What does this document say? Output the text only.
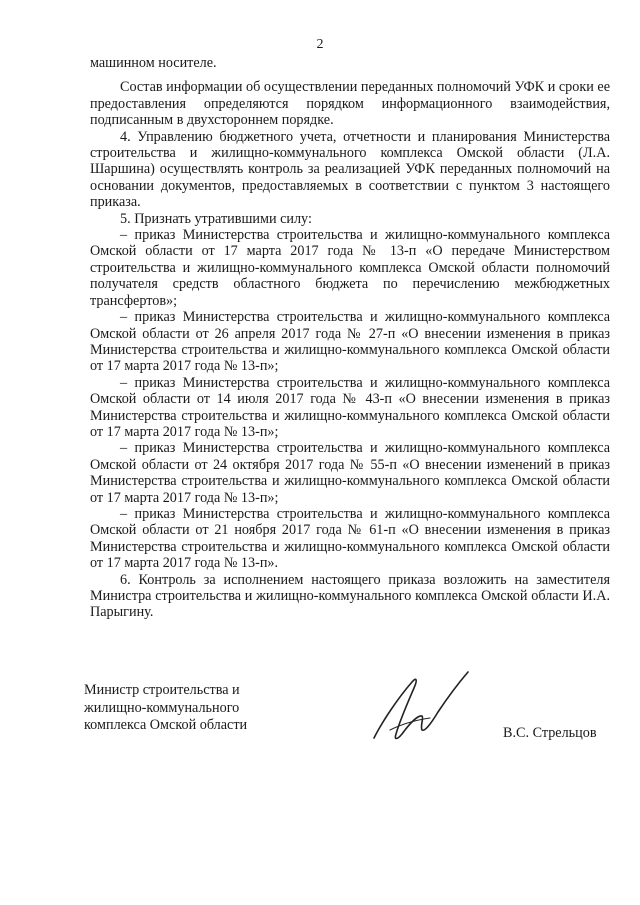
2

машинном носителе.

Состав информации об осуществлении переданных полномочий УФК и сроки ее предоставления определяются порядком информационного взаимодействия, подписанным в двухстороннем порядке.

4. Управлению бюджетного учета, отчетности и планирования Министерства строительства и жилищно-коммунального комплекса Омской области (Л.А. Шаршина) осуществлять контроль за реализацией УФК переданных полномочий на основании документов, предоставляемых в соответствии с пунктом 3 настоящего приказа.

5. Признать утратившими силу:

– приказ Министерства строительства и жилищно-коммунального комплекса Омской области от 17 марта 2017 года № 13-п «О передаче Министерством строительства и жилищно-коммунального комплекса Омской области полномочий получателя средств областного бюджета по перечислению межбюджетных трансфертов»;

– приказ Министерства строительства и жилищно-коммунального комплекса Омской области от 26 апреля 2017 года № 27-п «О внесении изменения в приказ Министерства строительства и жилищно-коммунального комплекса Омской области от 17 марта 2017 года № 13-п»;

– приказ Министерства строительства и жилищно-коммунального комплекса Омской области от 14 июля 2017 года № 43-п «О внесении изменения в приказ Министерства строительства и жилищно-коммунального комплекса Омской области от 17 марта 2017 года № 13-п»;

– приказ Министерства строительства и жилищно-коммунального комплекса Омской области от 24 октября 2017 года № 55-п «О внесении изменений в приказ Министерства строительства и жилищно-коммунального комплекса Омской области от 17 марта 2017 года № 13-п»;

– приказ Министерства строительства и жилищно-коммунального комплекса Омской области от 21 ноября 2017 года № 61-п «О внесении изменения в приказ Министерства строительства и жилищно-коммунального комплекса Омской области от 17 марта 2017 года № 13-п».

6. Контроль за исполнением настоящего приказа возложить на заместителя Министра строительства и жилищно-коммунального комплекса Омской области И.А. Парыгину.

Министр строительства и
жилищно-коммунального
комплекса Омской области	В.С. Стрельцов
